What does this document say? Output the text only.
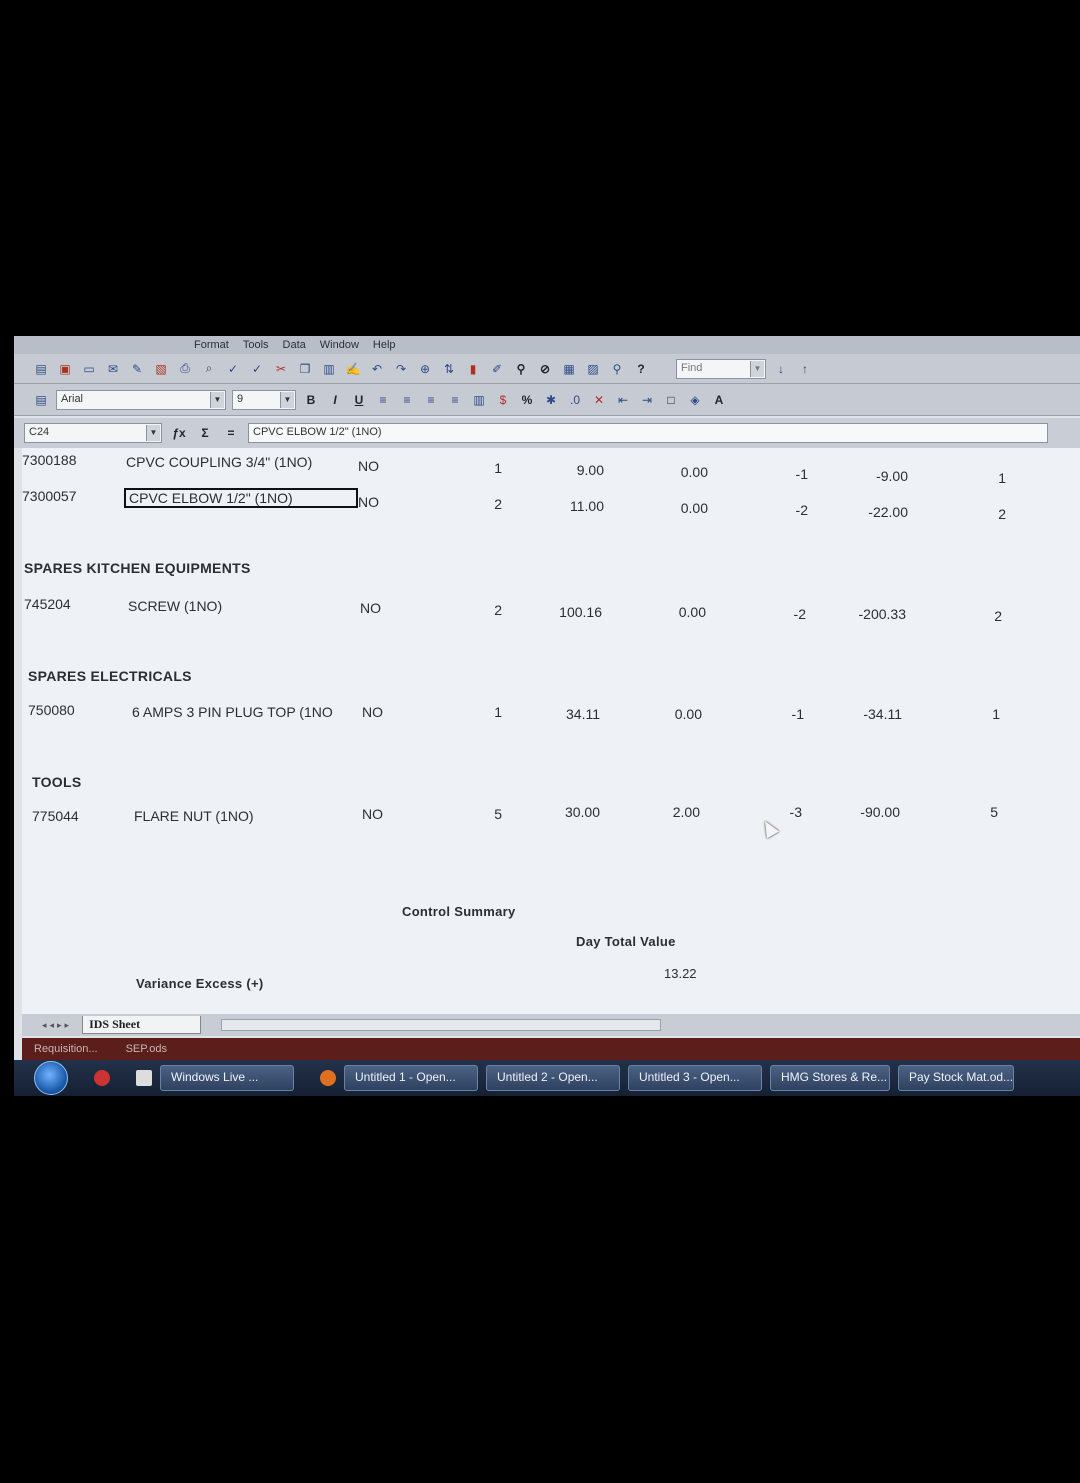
Format Tools Data Window Help
▤ ▣ ▭	✉	✎	▧	⎙	⌕	✓	✓	✂	❐	▥ ✍ ↶	↷	⊕	⇅	▮	✐	⚲	⊘	▦ ▨	⚲	?	Find	▼	↓	↑
▤	Arial	▼	9	▼	B	I	U	≡	≡	≡	≡	▥	$	%	✱	.0	✕	⇤	⇥	□	◈	A
C24	▼ ƒx	Σ	=	CPVC ELBOW 1/2" (1NO)
7300188	CPVC COUPLING 3/4" (1NO)	NO	1	9.00	0.00	-1	-9.00	1
7300057	CPVC ELBOW 1/2" (1NO)	NO	2	11.00	0.00	-2	-22.00	2
SPARES KITCHEN EQUIPMENTS
745204	SCREW (1NO)	NO	2	100.16	0.00	-2	-200.33	2
SPARES ELECTRICALS
750080	6 AMPS 3 PIN PLUG TOP (1NO NO	1	34.11	0.00	-1	-34.11	1
TOOLS
775044	FLARE NUT (1NO)	NO	5	30.00	2.00	-3	-90.00	5
Control Summary
Day Total Value
13.22
Variance Excess (+)
◂◂▸▸	IDS Sheet
Requisition...	SEP.ods
Windows Live ...	Untitled 1 - Open...	Untitled 2 - Open...	Untitled 3 - Open...	HMG Stores & Re...	Pay Stock Mat.od...
